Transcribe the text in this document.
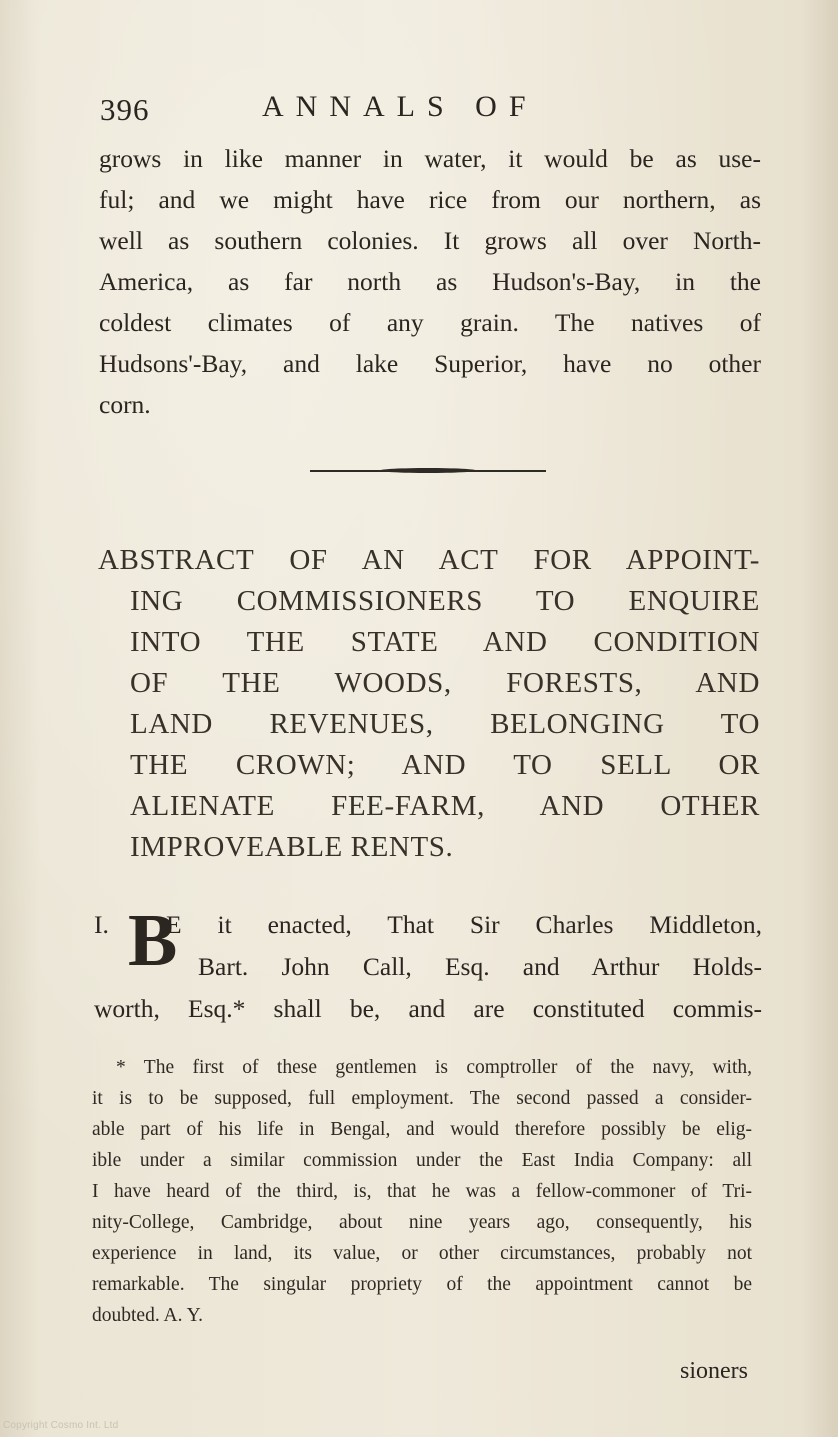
396	ANNALS OF
grows in like manner in water, it would be as use-
ful; and we might have rice from our northern, as
well as southern colonies. It grows all over North-
America, as far north as Hudson's-Bay, in the
coldest climates of any grain. The natives of
Hudsons'-Bay, and lake Superior, have no other
corn.
ABSTRACT OF AN ACT FOR APPOINT-
ING COMMISSIONERS TO ENQUIRE
INTO THE STATE AND CONDITION
OF THE WOODS, FORESTS, AND
LAND REVENUES, BELONGING TO
THE CROWN; AND TO SELL OR
ALIENATE FEE-FARM, AND OTHER
IMPROVEABLE RENTS.
I. B
E it enacted, That Sir Charles Middleton,
Bart. John Call, Esq. and Arthur Holds-
worth, Esq.* shall be, and are constituted commis-
* The first of these gentlemen is comptroller of the navy, with,
it is to be supposed, full employment. The second passed a consider-
able part of his life in Bengal, and would therefore possibly be elig-
ible under a similar commission under the East India Company: all
I have heard of the third, is, that he was a fellow-commoner of Tri-
nity-College, Cambridge, about nine years ago, consequently, his
experience in land, its value, or other circumstances, probably not
remarkable. The singular propriety of the appointment cannot be
doubted. A. Y.
sioners
Copyright Cosmo Int. Ltd
